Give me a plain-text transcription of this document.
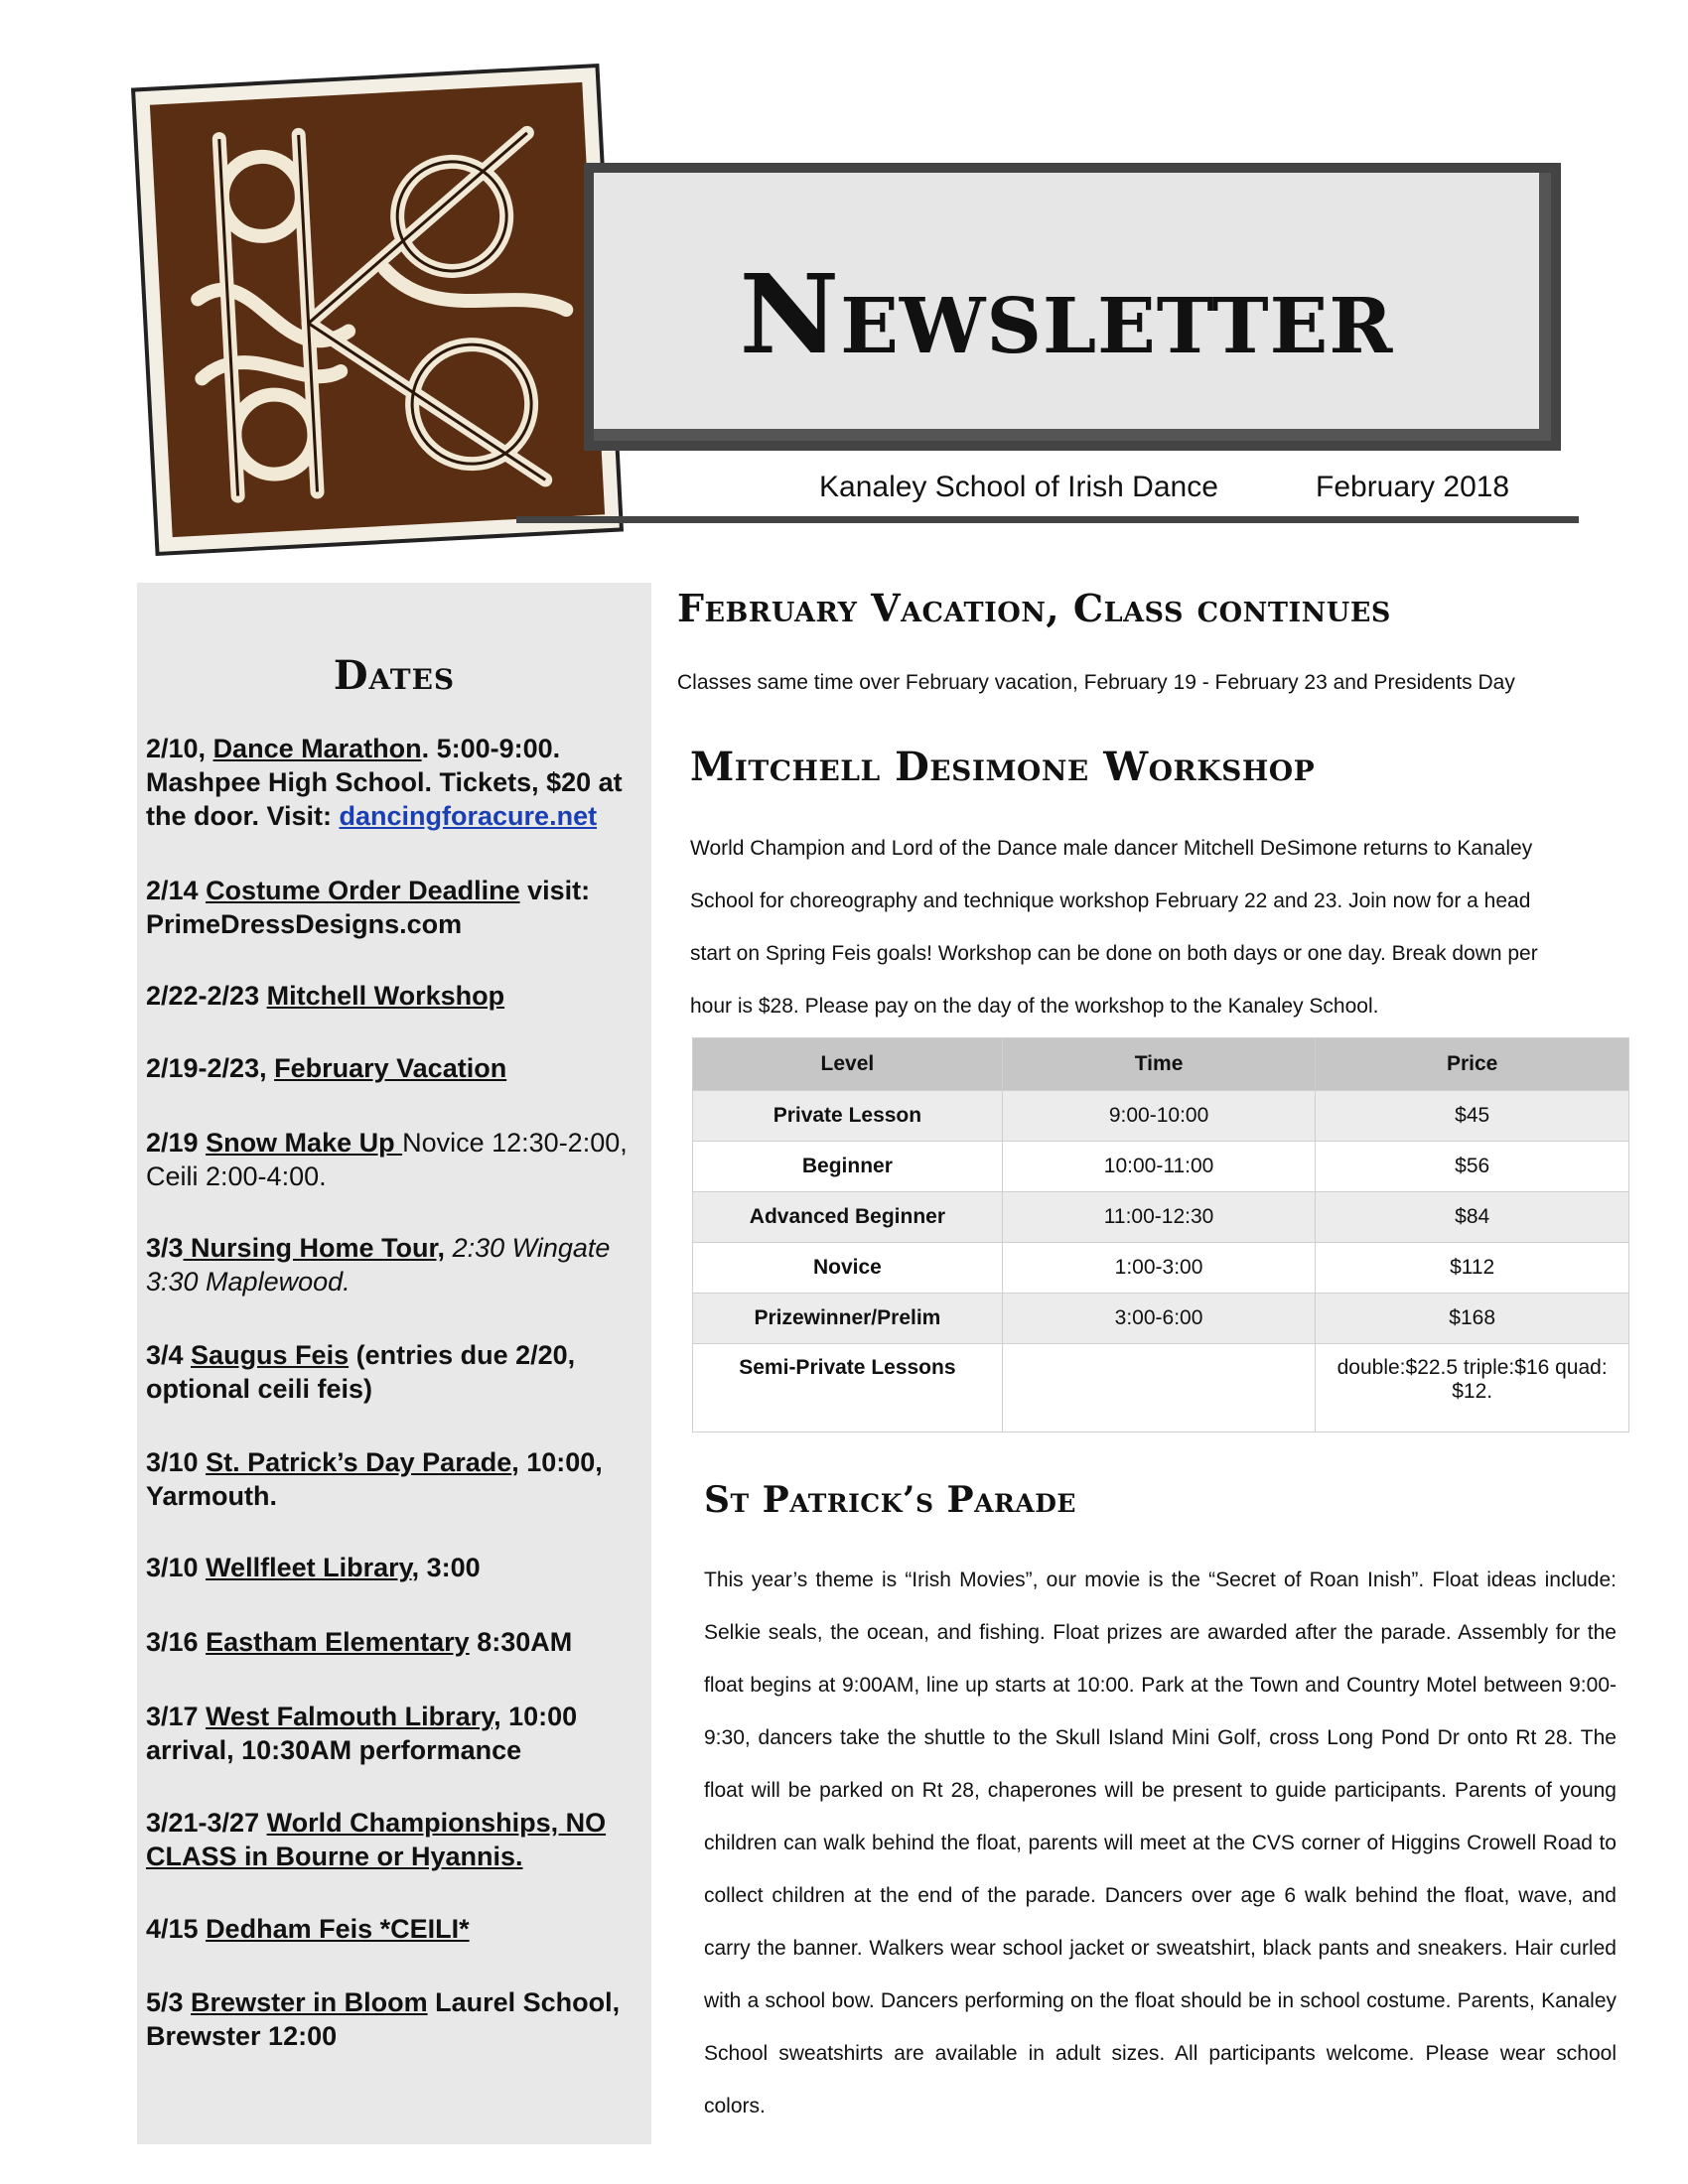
Newsletter
Kanaley School of Irish Dance	February 2018
Dates
2/10, Dance Marathon. 5:00-9:00. Mashpee High School. Tickets, $20 at the door. Visit: dancingforacure.net
2/14 Costume Order Deadline visit: PrimeDressDesigns.com
2/22-2/23 Mitchell Workshop
2/19-2/23, February Vacation
2/19 Snow Make Up Novice 12:30-2:00, Ceili 2:00-4:00.
3/3 Nursing Home Tour, 2:30 Wingate 3:30 Maplewood.
3/4 Saugus Feis (entries due 2/20, optional ceili feis)
3/10 St. Patrick’s Day Parade, 10:00, Yarmouth.
3/10 Wellfleet Library, 3:00
3/16 Eastham Elementary 8:30AM
3/17 West Falmouth Library, 10:00 arrival, 10:30AM performance
3/21-3/27 World Championships, NO CLASS in Bourne or Hyannis.
4/15 Dedham Feis *CEILI*
5/3 Brewster in Bloom Laurel School, Brewster 12:00
February Vacation, Class continues
Classes same time over February vacation, February 19 - February 23 and Presidents Day
Mitchell Desimone Workshop
World Champion and Lord of the Dance male dancer Mitchell DeSimone returns to Kanaley
School for choreography and technique workshop February 22 and 23. Join now for a head
start on Spring Feis goals! Workshop can be done on both days or one day. Break down per
hour is $28. Please pay on the day of the workshop to the Kanaley School.
Level	Time	Price
Private Lesson	9:00-10:00	$45
Beginner	10:00-11:00	$56
Advanced Beginner	11:00-12:30	$84
Novice	1:00-3:00	$112
Prizewinner/Prelim	3:00-6:00	$168
Semi-Private Lessons		double:$22.5 triple:$16 quad: $12.
St Patrick’s Parade
This year’s theme is “Irish Movies”, our movie is the “Secret of Roan Inish”. Float ideas include: Selkie seals, the ocean, and fishing. Float prizes are awarded after the parade. Assembly for the float begins at 9:00AM, line up starts at 10:00. Park at the Town and Country Motel between 9:00-9:30, dancers take the shuttle to the Skull Island Mini Golf, cross Long Pond Dr onto Rt 28. The float will be parked on Rt 28, chaperones will be present to guide participants. Parents of young children can walk behind the float, parents will meet at the CVS corner of Higgins Crowell Road to collect children at the end of the parade. Dancers over age 6 walk behind the float, wave, and carry the banner. Walkers wear school jacket or sweatshirt, black pants and sneakers. Hair curled with a school bow. Dancers performing on the float should be in school costume. Parents, Kanaley School sweatshirts are available in adult sizes. All participants welcome. Please wear school colors.
